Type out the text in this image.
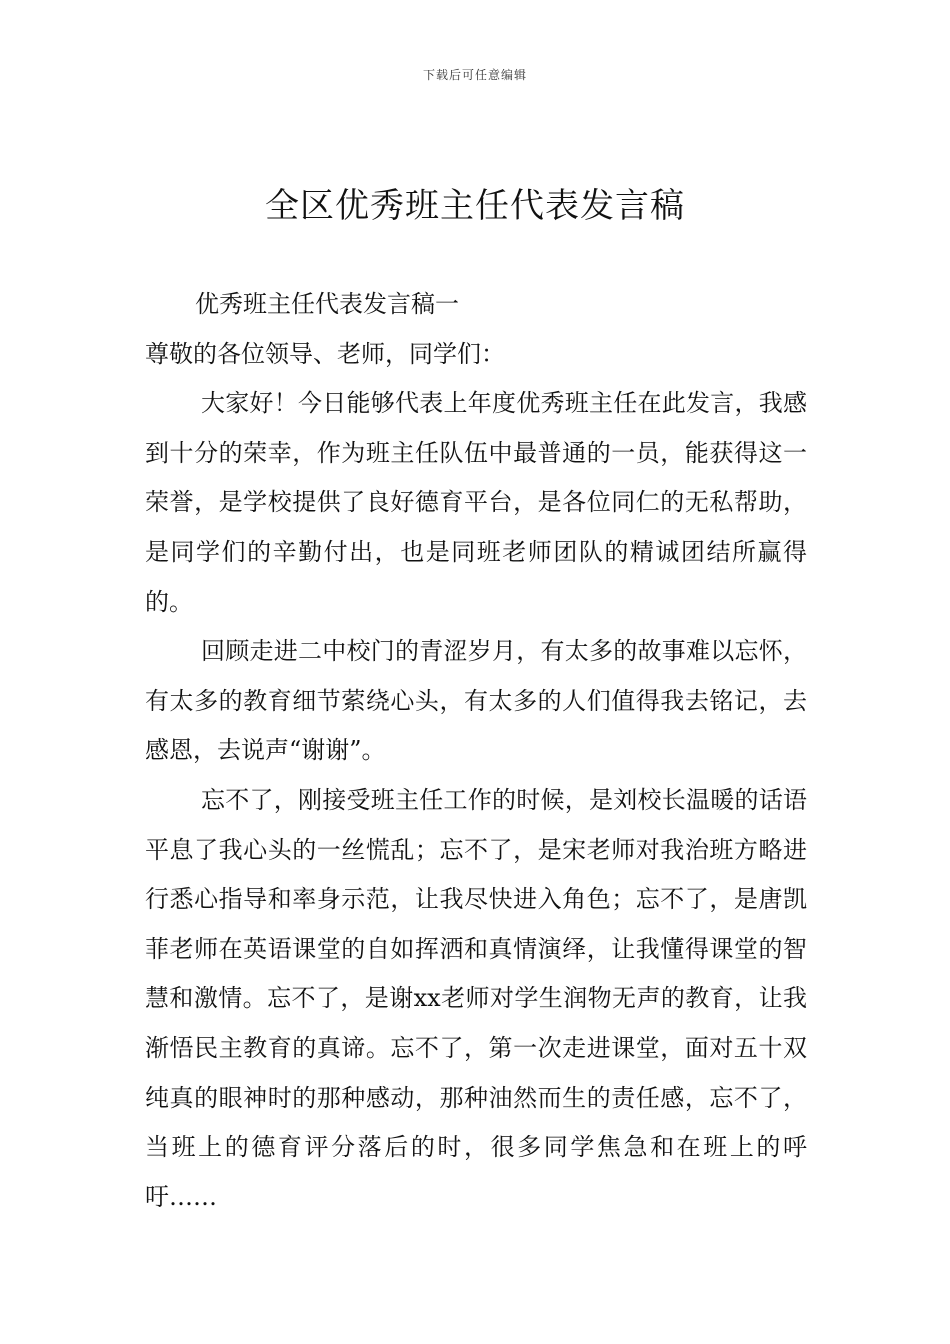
下载后可任意编辑
全区优秀班主任代表发言稿

优秀班主任代表发言稿一

尊敬的各位领导、老师，同学们：

大家好！今日能够代表上年度优秀班主任在此发言，我感到十分的荣幸，作为班主任队伍中最普通的一员，能获得这一荣誉，是学校提供了良好德育平台，是各位同仁的无私帮助，是同学们的辛勤付出，也是同班老师团队的精诚团结所赢得的。

回顾走进二中校门的青涩岁月，有太多的故事难以忘怀，有太多的教育细节萦绕心头，有太多的人们值得我去铭记，去感恩，去说声“谢谢”。

忘不了，刚接受班主任工作的时候，是刘校长温暖的话语平息了我心头的一丝慌乱；忘不了，是宋老师对我治班方略进行悉心指导和率身示范，让我尽快进入角色；忘不了，是唐凯菲老师在英语课堂的自如挥洒和真情演绎，让我懂得课堂的智慧和激情。忘不了，是谢xx老师对学生润物无声的教育，让我渐悟民主教育的真谛。忘不了，第一次走进课堂，面对五十双纯真的眼神时的那种感动，那种油然而生的责任感，忘不了，当班上的德育评分落后的时，很多同学焦急和在班上的呼吁……
